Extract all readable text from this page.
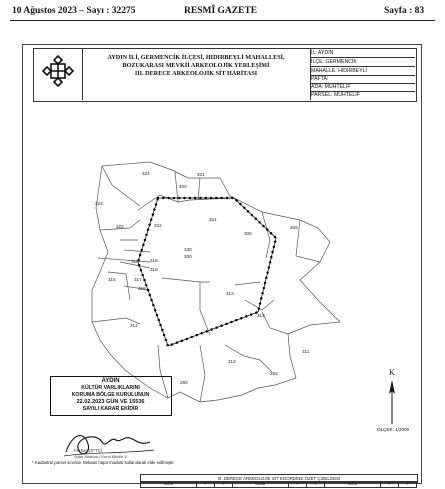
10 Ağustos 2023 – Sayı : 32275	RESMÎ GAZETE	Sayfa : 83
AYDIN İLİ, GERMENCİK İLÇESİ, HIDIRBEYLİ MAHALLESİ,
BOZUKARASI MEVKİİ ARKEOLOJİK YERLEŞİMİ
III. DERECE ARKEOLOJİK SİT HARİTASI
İL: AYDIN
İLÇE: GERMENCİK
MAHALLE: HIDIRBEYLİ
PAFTA:
ADA: MUHTELİF
PARSEL: MUHTELİF
324
320
321
323
322	322
321
308
309
130
330
316 318
315	317
318
319
313
312
314
311
313
262
280
K
ÖLÇEK: 1/2000
AYDIN
KÜLTÜR VARLIKLARINI
KORUMA BÖLGE KURULUNUN
22.02.2023 GÜN VE 15536
SAYILI KARAR EKİDİR
Ferhat ÇİFTÇİ
Şube Müdürü / Kurul Müdür V.
* Kadastral parsel sınırları Nekaüs hapa modülü kullanılarak elde edilmiştir.
III. DERECE ARKEOLOJİK SİT KOORDİNE ÖZET ÇİZELGESİ
Nokta	Y	X	Nokta	Y	X	Nokta	Y	X
